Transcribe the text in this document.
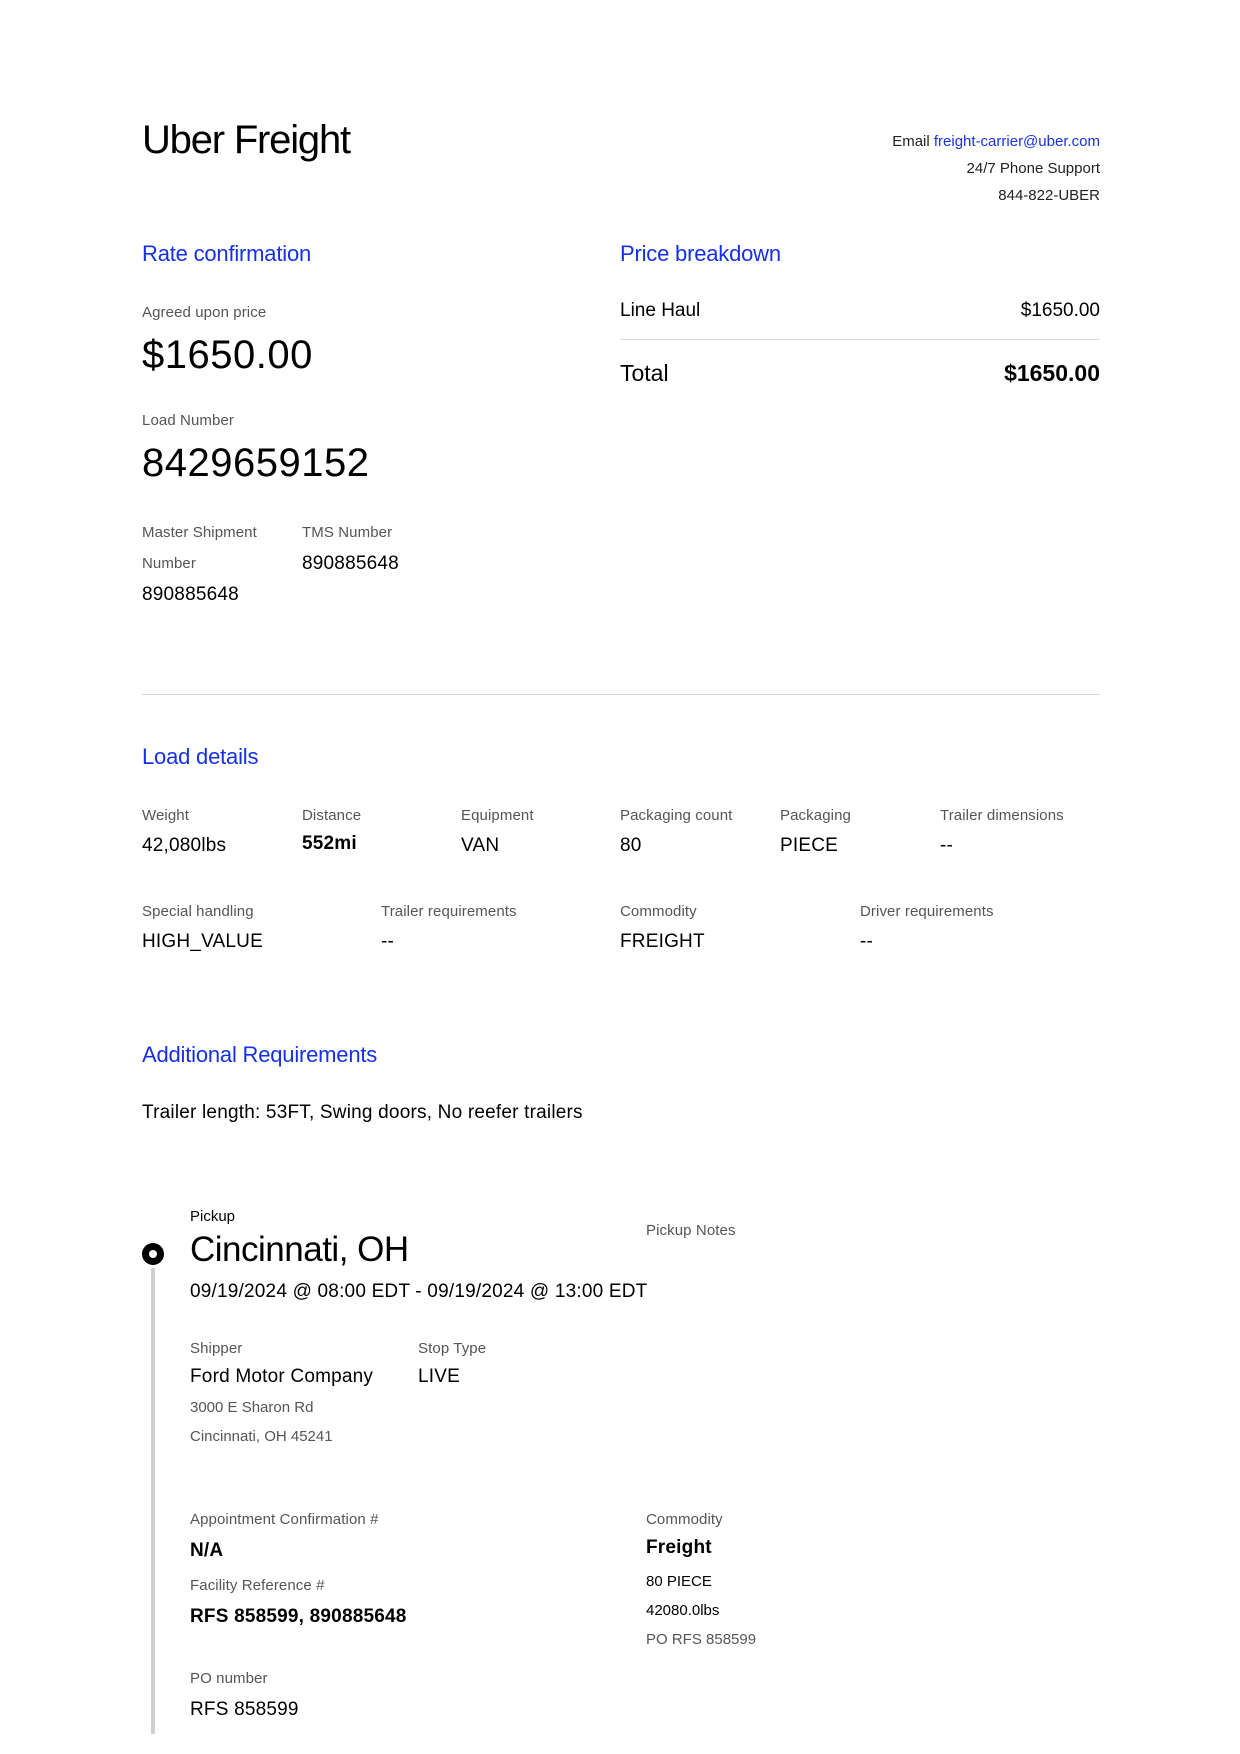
Uber Freight	Email freight-carrier@uber.com
24/7 Phone Support
844-822-UBER
Rate confirmation
Agreed upon price
$1650.00
Load Number
8429659152
Master Shipment
Number
890885648
TMS Number
890885648
Price breakdown
Line Haul	$1650.00
Total	$1650.00
Load details
Weight
42,080lbs
Distance
552mi
Equipment
VAN
Packaging count
80
Packaging
PIECE
Trailer dimensions
--
Special handling
HIGH_VALUE
Trailer requirements
--
Commodity
FREIGHT
Driver requirements
--
Additional Requirements
Trailer length: 53FT, Swing doors, No reefer trailers
Pickup
Cincinnati, OH
09/19/2024 @ 08:00 EDT - 09/19/2024 @ 13:00 EDT
Pickup Notes
Shipper
Ford Motor Company
3000 E Sharon Rd
Cincinnati, OH 45241
Stop Type
LIVE
Appointment Confirmation #
N/A
Facility Reference #
RFS 858599, 890885648
PO number
RFS 858599
Commodity
Freight
80 PIECE
42080.0lbs
PO RFS 858599
